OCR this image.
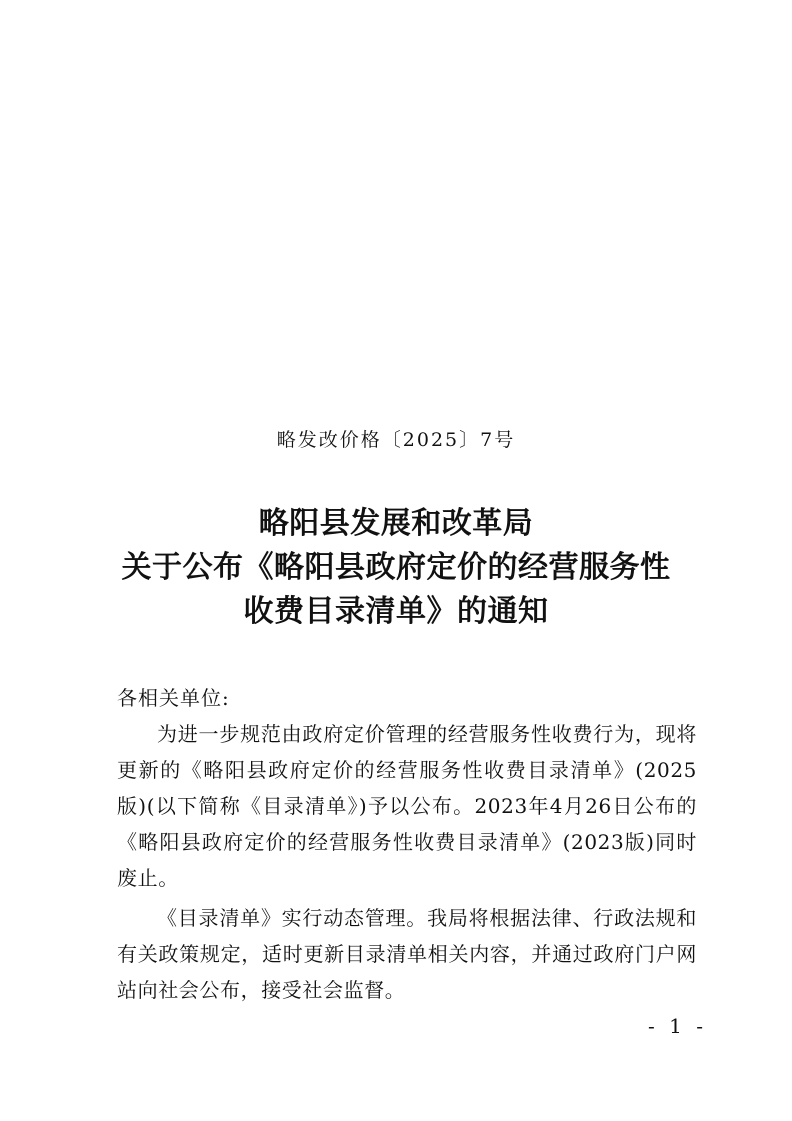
略发改价格〔2025〕7号
略阳县发展和改革局
关于公布《略阳县政府定价的经营服务性
收费目录清单》的通知

各相关单位:

为进一步规范由政府定价管理的经营服务性收费行为，现将更新的《略阳县政府定价的经营服务性收费目录清单》(2025版)(以下简称《目录清单》)予以公布。2023年4月26日公布的《略阳县政府定价的经营服务性收费目录清单》(2023版)同时废止。

《目录清单》实行动态管理。我局将根据法律、行政法规和有关政策规定，适时更新目录清单相关内容，并通过政府门户网站向社会公布，接受社会监督。

- 1 -
